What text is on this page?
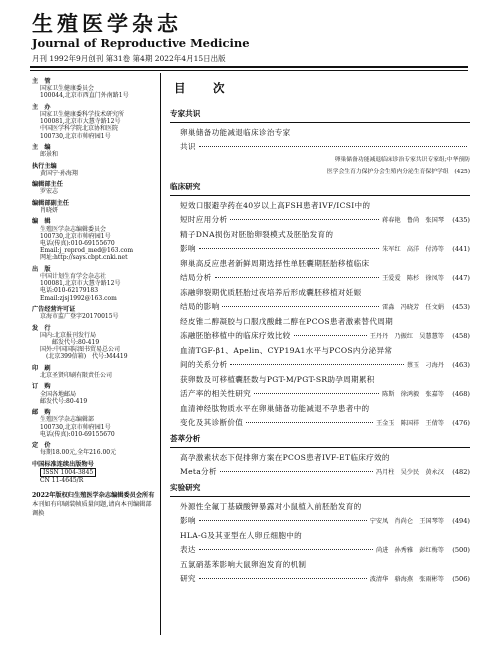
生殖医学杂志
Journal of Reproductive Medicine
月刊 1992年9月创刊 第31卷 第4期 2022年4月15日出版
主　管
国家卫生健康委员会
100044,北京市西直门外南路1号
主　办
国家卫生健康委科学技术研究所
100081,北京市大慧寺路12号
中国医学科学院北京协和医院
100730,北京市帅府园1号
主　编
郎景和
执行主编
黄国宁·孙海翔
编辑部主任
罗宏志
编辑部副主任
肖晓妍
编　辑
生殖医学杂志编辑委员会
100730,北京市帅府园1号
电话(传真):010-69155670
Email:j_reprod_med@163.com
网址:http://says.cbpt.cnki.net
出　版
中国计划生育学会杂志社
100081,北京市大慧寺路12号
电话:010-62179183
Email:zjsj1992@163.com
广告经营许可证
京海市监广登字20170015号
发　行
国内:北京报刊发行局
　　邮发代号:80-419
国外:中国国际图书贸易总公司
　(北京399信箱)　代号:M4419
印　刷
北京圣贤印刷有限责任公司
订　购
全国各地邮局
邮发代号:80-419
邮　购
生殖医学杂志编辑部
100730,北京市帅府园1号
电话(传真):010-69155670
定　价
每期18.00元,全年216.00元
中国标准连续出版物号
ISSN 1004-3845
CN 11-4645/R
2022年版权归生殖医学杂志编辑委员会所有
本刊如有印刷装帧质量问题,请向本刊编辑部调换
目　次
专家共识
卵巢储备功能减退临床诊治专家
共识
卵巢储备功能减退临床诊治专家共识专家组;中华预防
医学会生育力保护分会生殖内分泌生育保护学组　(425)
临床研究
短效口服避孕药在40岁以上高FSH患者IVF/ICSI中的
短时应用分析	蒋春艳　鲁尚　张国琴	(435)
精子DNA损伤对胚胎卵裂模式及胚胎发育的
影响	朱军红　高洋　付涛等	(441)
卵巢高反应患者新鲜周期选择性单胚囊期胚胎移植临床
结局分析	王爱爱　陈杉　徐凤等	(447)
冻融卵裂期优质胚胎过夜培养后形成囊胚移植对妊娠
结局的影响	雷淼　冯晓芳　任文娟	(453)
经皮锥二醇凝胶与口服戊酸雌二醇在PCOS患者激素替代周期
冻融胚胎移植中的临床疗效比较	王丹丹　乃振红　吴慧慧等	(458)
血清TGF-β1、Apelin、CYP19A1水平与PCOS内分泌异常
间的关系分析	蔡玉　刁海丹	(463)
获卵数及可移植囊胚数与PGT-M/PGT-SR助孕周期累积
活产率的相关性研究	陈斯　徐鸿毅　张嘉等	(468)
血清神经肽物质水平在卵巢储备功能减退不孕患者中的
变化及其诊断价值	王金玉　陈国祥　王倩等	(476)
荟萃分析
高孕激素状态下促排卵方案在PCOS患者IVF-ET临床疗效的
Meta分析	冯月柱　吴少民　黄永汉	(482)
实验研究
外源性全氟丁基磺酸钾暴露对小鼠植入前胚胎发育的
影响	宁安凤　肖尚仑　王国琴等	(494)
HLA-G及其亚型在人卵丘细胞中的
表达	尚进　孙秀雅　彭红梅等	(500)
五氯硝基苯影响大鼠卵泡发育的机制
研究	波清华　骆海燕　张雨彬等	(506)
